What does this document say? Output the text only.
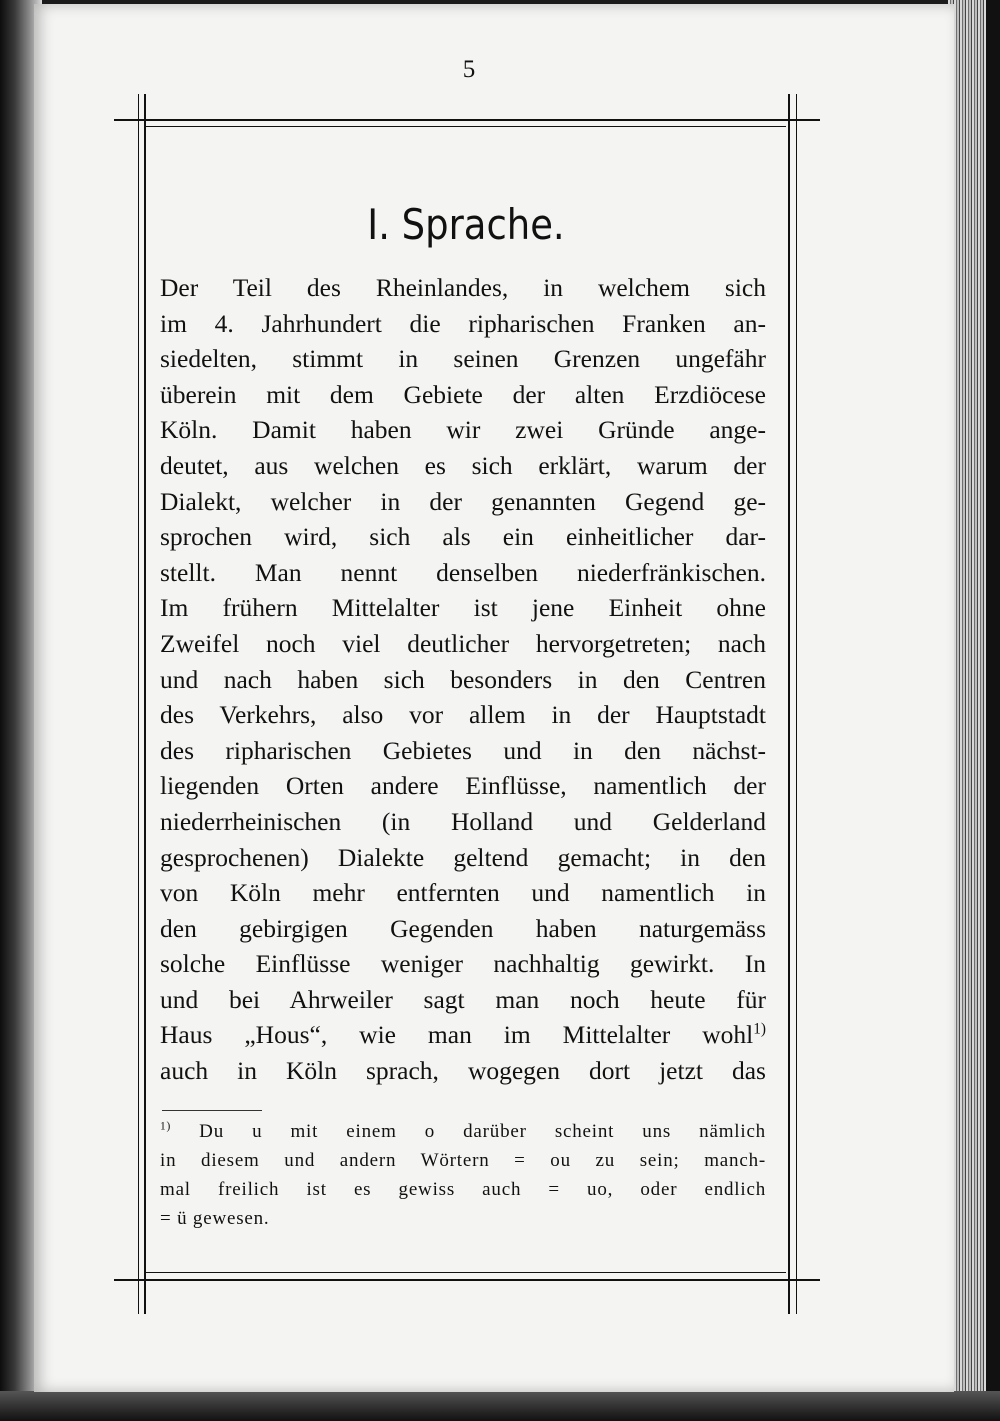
5
I. Sprache.
Der Teil des Rheinlandes, in welchem sich
im 4. Jahrhundert die ripharischen Franken an-
siedelten, stimmt in seinen Grenzen ungefähr
überein mit dem Gebiete der alten Erzdiöcese
Köln. Damit haben wir zwei Gründe ange-
deutet, aus welchen es sich erklärt, warum der
Dialekt, welcher in der genannten Gegend ge-
sprochen wird, sich als ein einheitlicher dar-
stellt. Man nennt denselben niederfränkischen.
Im frühern Mittelalter ist jene Einheit ohne
Zweifel noch viel deutlicher hervorgetreten; nach
und nach haben sich besonders in den Centren
des Verkehrs, also vor allem in der Hauptstadt
des ripharischen Gebietes und in den nächst-
liegenden Orten andere Einflüsse, namentlich der
niederrheinischen (in Holland und Gelderland
gesprochenen) Dialekte geltend gemacht; in den
von Köln mehr entfernten und namentlich in
den gebirgigen Gegenden haben naturgemäss
solche Einflüsse weniger nachhaltig gewirkt. In
und bei Ahrweiler sagt man noch heute für
Haus „Hous“, wie man im Mittelalter wohl$^{1)}$
auch in Köln sprach, wogegen dort jetzt das
$^{1)}$ Du u mit einem o darüber scheint uns nämlich
in diesem und andern Wörtern = ou zu sein; manch-
mal freilich ist es gewiss auch = uo, oder endlich
= ü gewesen.
